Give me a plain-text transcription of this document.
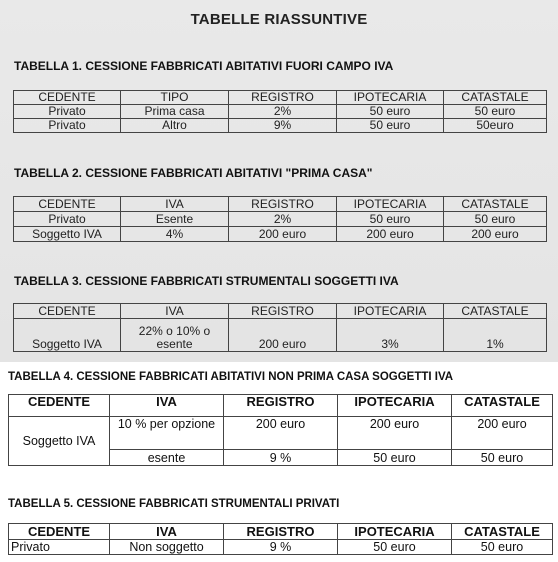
TABELLE RIASSUNTIVE
TABELLA 1. CESSIONE FABBRICATI ABITATIVI FUORI CAMPO IVA
CEDENTE	TIPO	REGISTRO	IPOTECARIA	CATASTALE
Privato	Prima casa	2%	50 euro	50 euro
Privato	Altro	9%	50 euro	50euro
TABELLA 2. CESSIONE FABBRICATI ABITATIVI "PRIMA CASA"
CEDENTE	IVA	REGISTRO	IPOTECARIA	CATASTALE
Privato	Esente	2%	50 euro	50 euro
Soggetto IVA	4%	200 euro	200 euro	200 euro
TABELLA 3. CESSIONE FABBRICATI STRUMENTALI SOGGETTI IVA
CEDENTE	IVA	REGISTRO	IPOTECARIA	CATASTALE
Soggetto IVA	22% o 10% o esente	200 euro	3%	1%
TABELLA 4. CESSIONE FABBRICATI ABITATIVI NON PRIMA CASA SOGGETTI IVA
CEDENTE	IVA	REGISTRO	IPOTECARIA	CATASTALE
Soggetto IVA	10 % per opzione	200 euro	200 euro	200 euro
	esente	9 %	50 euro	50 euro
TABELLA 5. CESSIONE FABBRICATI STRUMENTALI PRIVATI
CEDENTE	IVA	REGISTRO	IPOTECARIA	CATASTALE
Privato	Non soggetto	9 %	50 euro	50 euro
